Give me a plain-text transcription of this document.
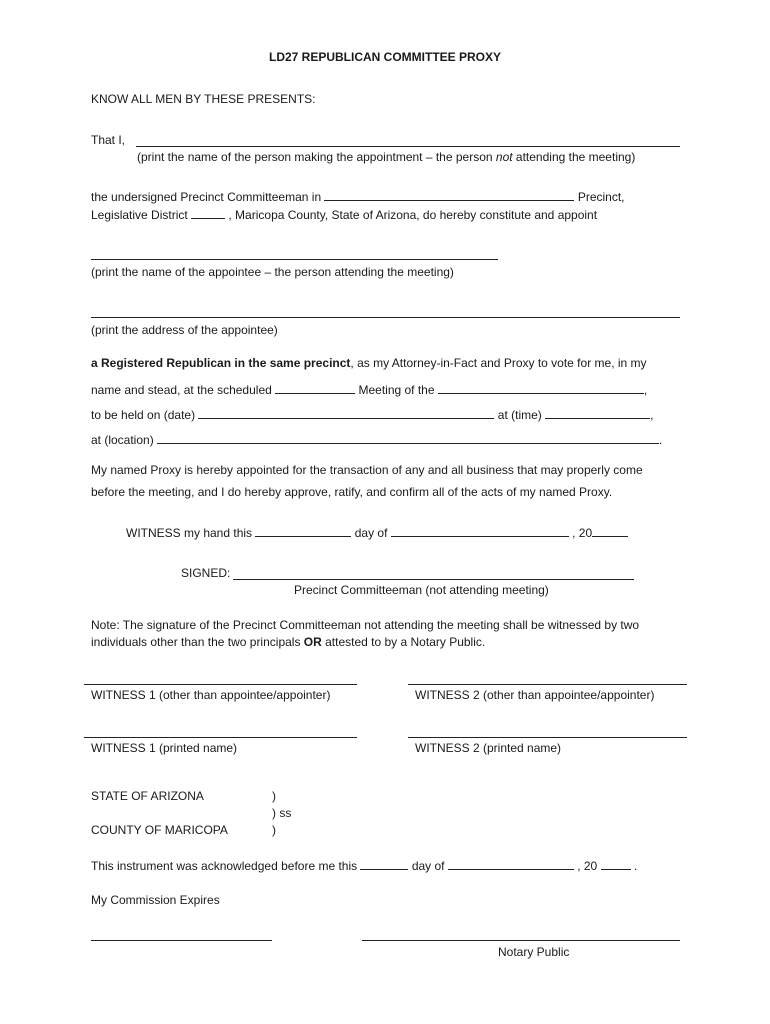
LD27 REPUBLICAN COMMITTEE PROXY
KNOW ALL MEN BY THESE PRESENTS:
That I,
(print the name of the person making the appointment – the person not attending the meeting)
the undersigned Precinct Committeeman in	Precinct,
Legislative District	, Maricopa County, State of Arizona, do hereby constitute and appoint
(print the name of the appointee – the person attending the meeting)
(print the address of the appointee)
a Registered Republican in the same precinct, as my Attorney-in-Fact and Proxy to vote for me, in my
name and stead, at the scheduled	Meeting of the	,
to be held on (date)	at (time)	,
at (location)	.
My named Proxy is hereby appointed for the transaction of any and all business that may properly come
before the meeting, and I do hereby approve, ratify, and confirm all of the acts of my named Proxy.
WITNESS my hand this	day of	, 20
SIGNED:
Precinct Committeeman (not attending meeting)
Note: The signature of the Precinct Committeeman not attending the meeting shall be witnessed by two
individuals other than the two principals OR attested to by a Notary Public.
WITNESS 1 (other than appointee/appointer)	WITNESS 2 (other than appointee/appointer)
WITNESS 1 (printed name)	WITNESS 2 (printed name)
STATE OF ARIZONA	)
) ss
COUNTY OF MARICOPA	)
This instrument was acknowledged before me this	day of	, 20	.
My Commission Expires
Notary Public
